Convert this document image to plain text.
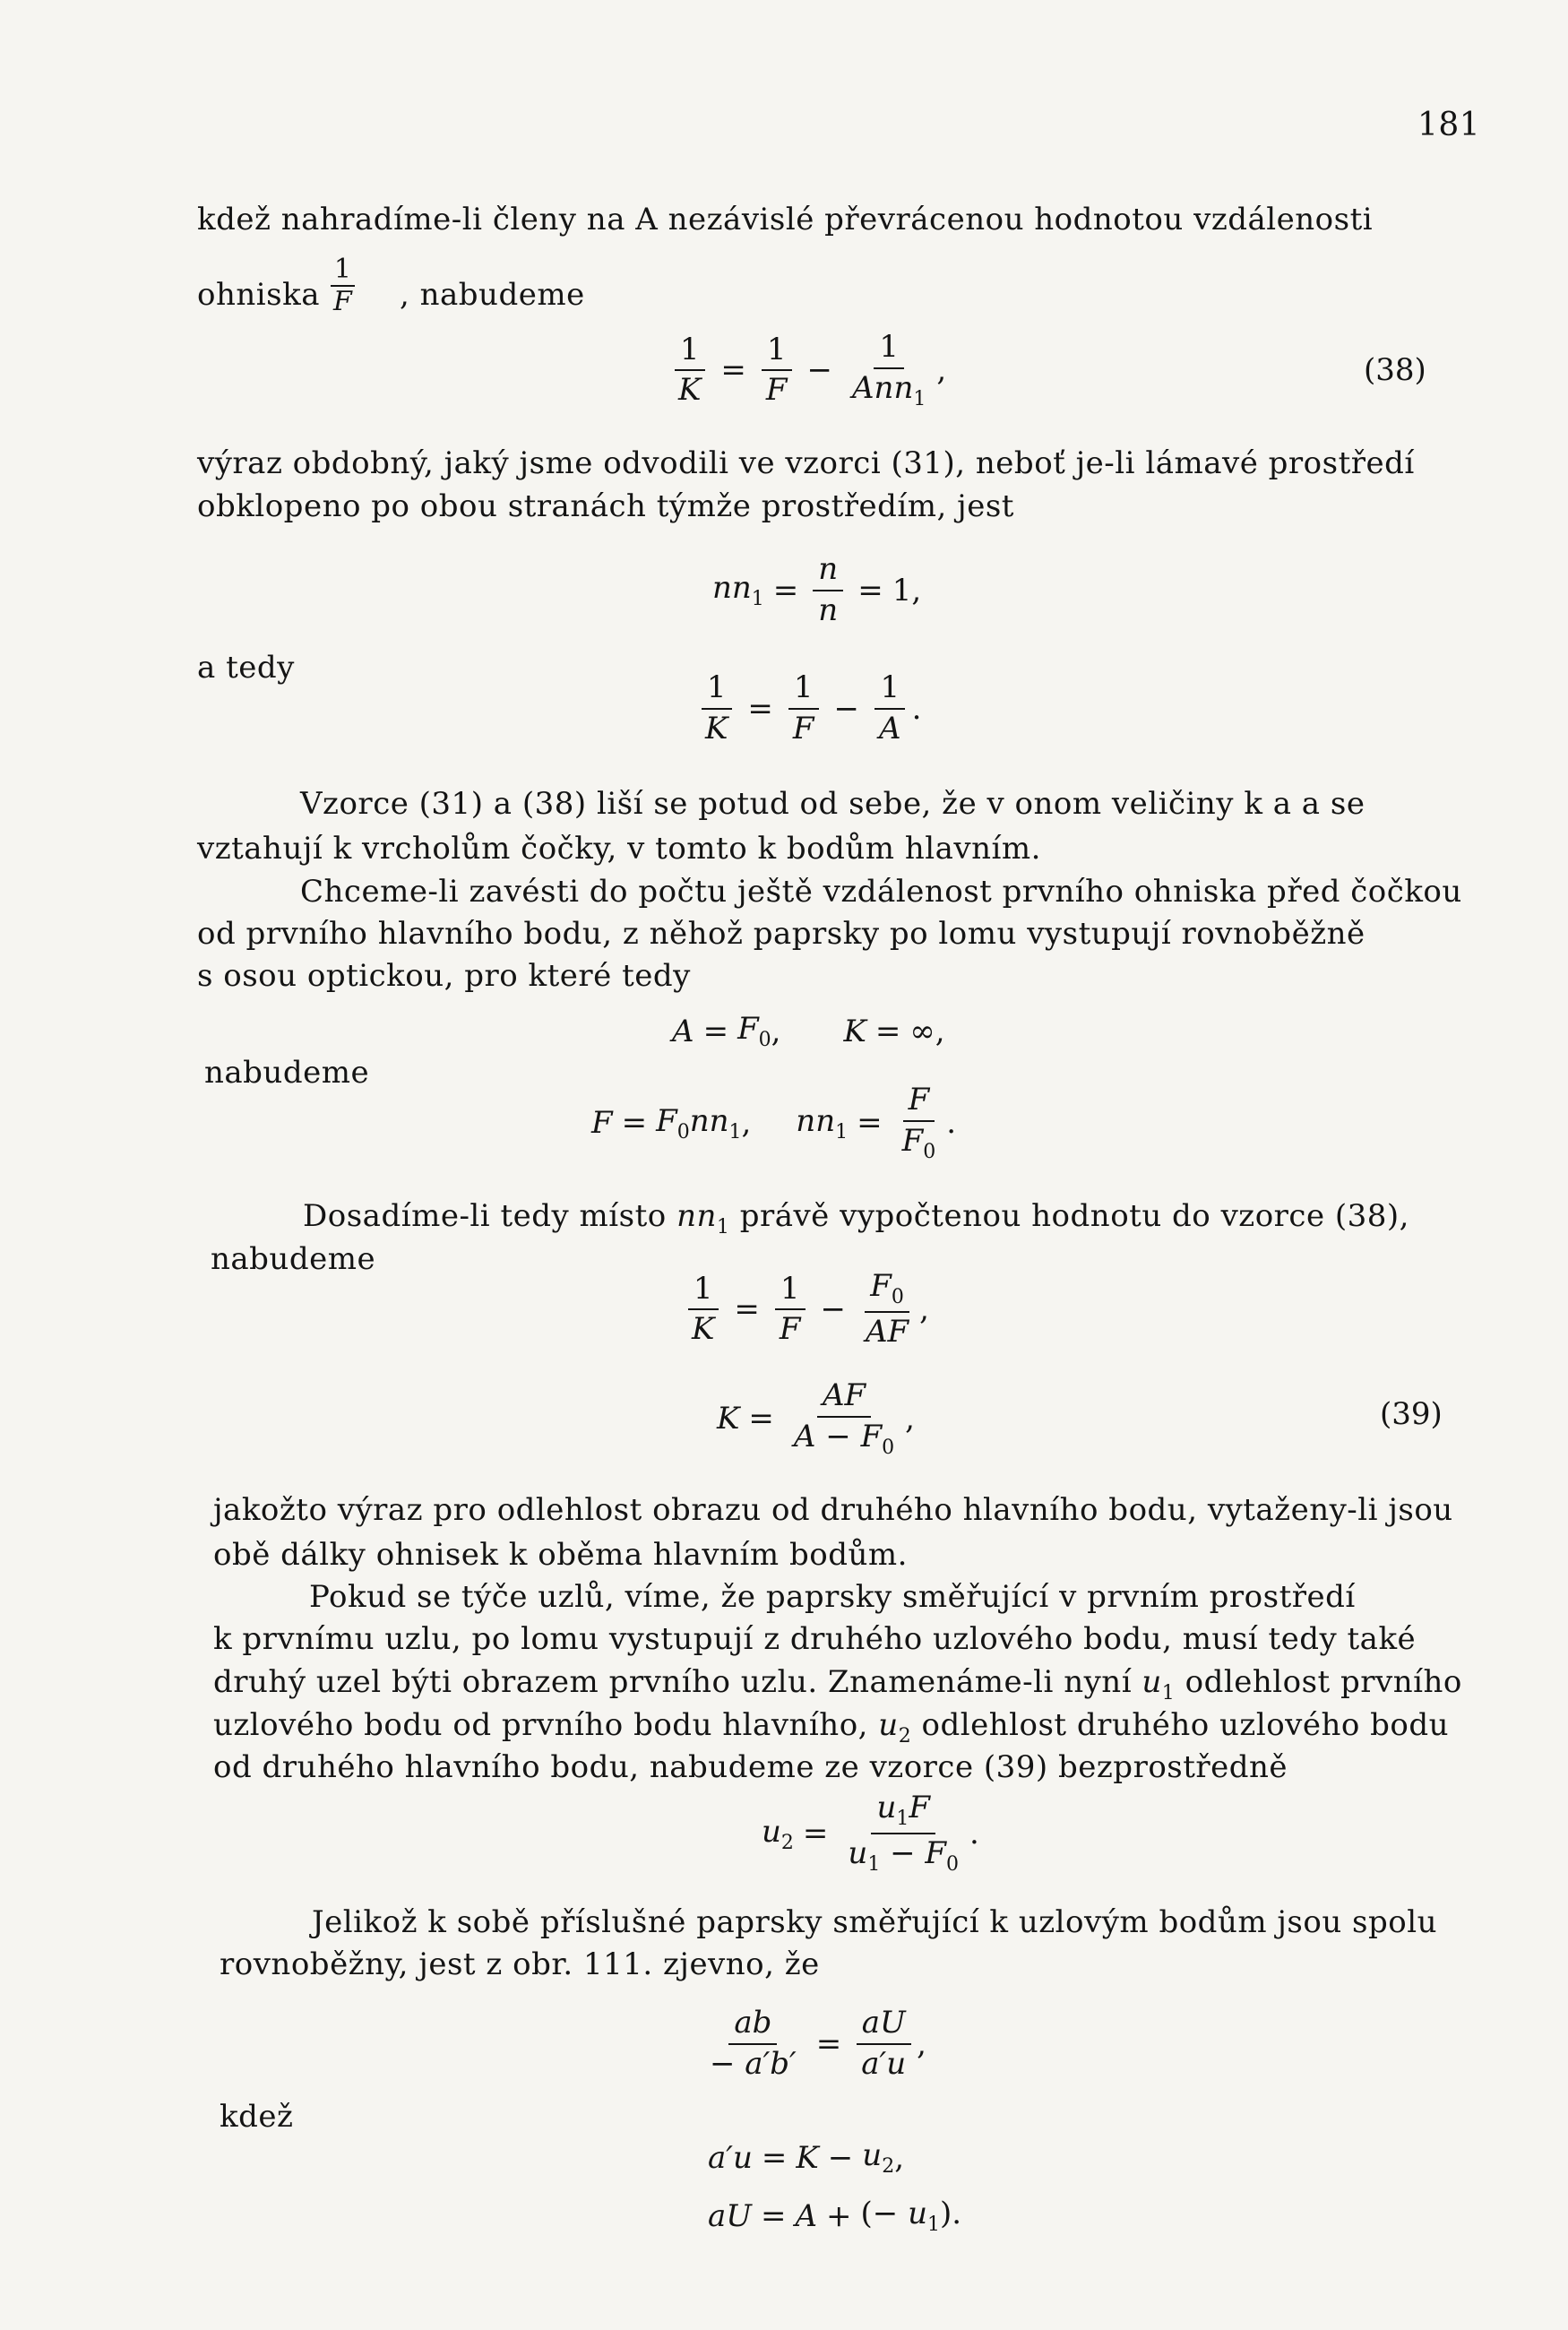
181
kdež nahradíme-li členy na A nezávislé převrácenou hodnotou vzdálenosti
ohniska $\frac{1}{F}$ , nabudeme
$\frac{1}{K} = \frac{1}{F} - \frac{1}{Ann_1}$ ,	(38)
výraz obdobný, jaký jsme odvodili ve vzorci (31), neboť je-li lámavé prostředí
obklopeno po obou stranách týmže prostředím, jest
$nn_1 = \frac{n}{n} = 1$,
a tedy
$\frac{1}{K} = \frac{1}{F} - \frac{1}{A}$ .
Vzorce (31) a (38) liší se potud od sebe, že v onom veličiny k a a se
vztahují k vrcholům čočky, v tomto k bodům hlavním.
Chceme-li zavésti do počtu ještě vzdálenost prvního ohniska před čočkou
od prvního hlavního bodu, z něhož paprsky po lomu vystupují rovnoběžně
s osou optickou, pro které tedy
$A = F_0$ , K = ∞,
nabudeme
$F = F_0nn_1$ , $nn_1 = \frac{F}{F_0}$ .
Dosadíme-li tedy místo $nn_1$ právě vypočtenou hodnotu do vzorce (38),
nabudeme
$\frac{1}{K} = \frac{1}{F} - \frac{F_0}{AF}$ ,
$K = \frac{AF}{A - F_0}$ ,	(39)
jakožto výraz pro odlehlost obrazu od druhého hlavního bodu, vytaženy-li jsou
obě dálky ohnisek k oběma hlavním bodům.
Pokud se týče uzlů, víme, že paprsky směřující v prvním prostředí
k prvnímu uzlu, po lomu vystupují z druhého uzlového bodu, musí tedy také
druhý uzel býti obrazem prvního uzlu. Znamenáme-li nyní $u_1$ odlehlost prvního
uzlového bodu od prvního bodu hlavního, $u_2$ odlehlost druhého uzlového bodu
od druhého hlavního bodu, nabudeme ze vzorce (39) bezprostředně
$u_2 = \frac{u_1F}{u_1 - F_0}$ .
Jelikož k sobě příslušné paprsky směřující k uzlovým bodům jsou spolu
rovnoběžny, jest z obr. 111. zjevno, že
$\frac{ab}{- a'b'} = \frac{aU}{a'u}$ ,
kdež
$a'u = K - u_2$ ,
aU = A + (− $u_1$).
